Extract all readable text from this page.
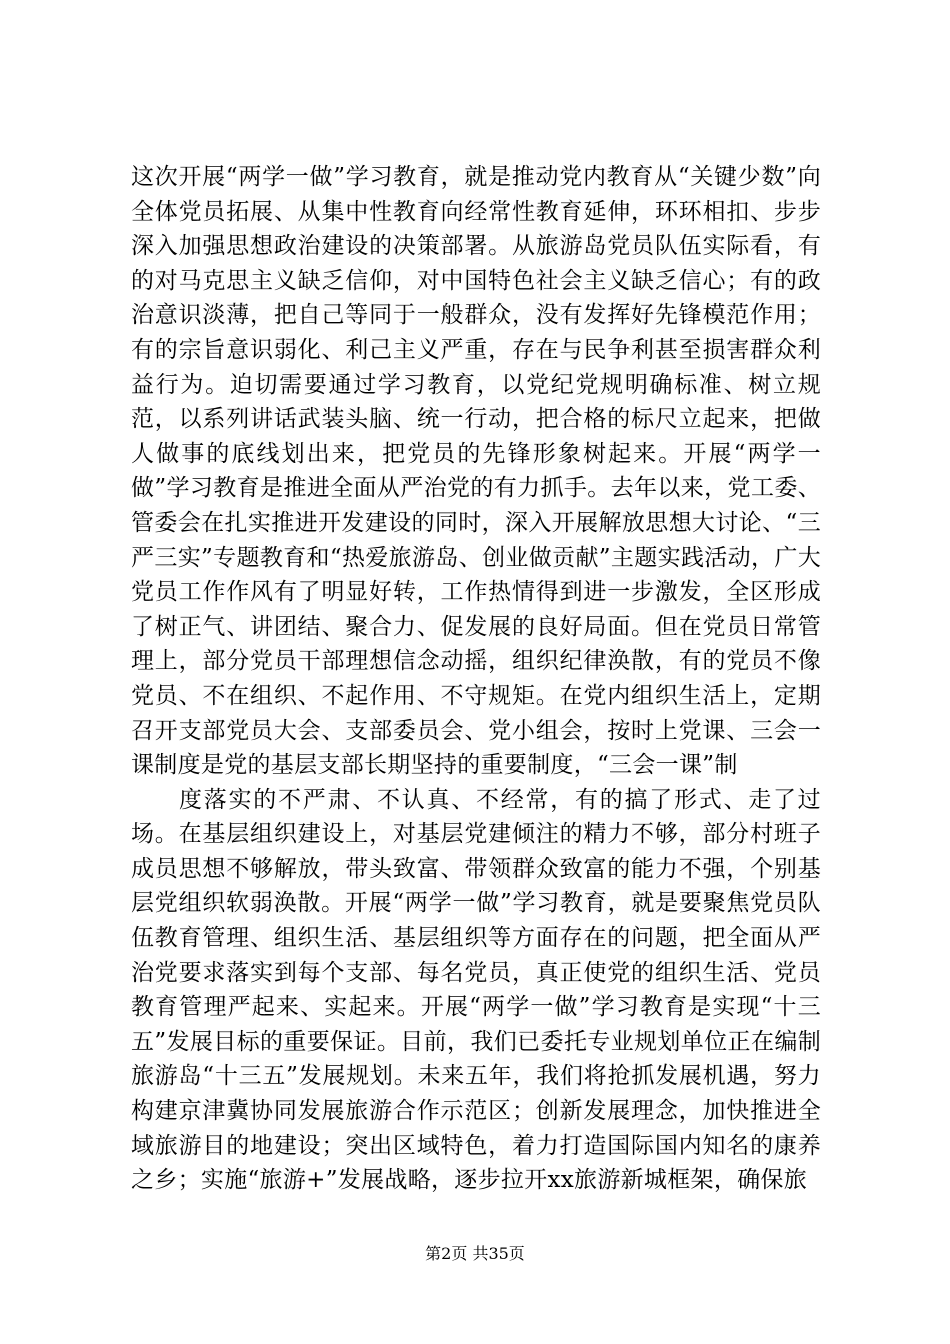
这次开展“两学一做”学习教育，就是推动党内教育从“关键少数”向全体党员拓展、从集中性教育向经常性教育延伸，环环相扣、步步深入加强思想政治建设的决策部署。从旅游岛党员队伍实际看，有的对马克思主义缺乏信仰，对中国特色社会主义缺乏信心；有的政治意识淡薄，把自己等同于一般群众，没有发挥好先锋模范作用；有的宗旨意识弱化、利己主义严重，存在与民争利甚至损害群众利益行为。迫切需要通过学习教育，以党纪党规明确标准、树立规范，以系列讲话武装头脑、统一行动，把合格的标尺立起来，把做人做事的底线划出来，把党员的先锋形象树起来。开展“两学一做”学习教育是推进全面从严治党的有力抓手。去年以来，党工委、管委会在扎实推进开发建设的同时，深入开展解放思想大讨论、“三严三实”专题教育和“热爱旅游岛、创业做贡献”主题实践活动，广大党员工作作风有了明显好转，工作热情得到进一步激发，全区形成了树正气、讲团结、聚合力、促发展的良好局面。但在党员日常管理上，部分党员干部理想信念动摇，组织纪律涣散，有的党员不像党员、不在组织、不起作用、不守规矩。在党内组织生活上，定期召开支部党员大会、支部委员会、党小组会，按时上党课、三会一课制度是党的基层支部长期坚持的重要制度，“三会一课”制

度落实的不严肃、不认真、不经常，有的搞了形式、走了过场。在基层组织建设上，对基层党建倾注的精力不够，部分村班子成员思想不够解放，带头致富、带领群众致富的能力不强，个别基层党组织软弱涣散。开展“两学一做”学习教育，就是要聚焦党员队伍教育管理、组织生活、基层组织等方面存在的问题，把全面从严治党要求落实到每个支部、每名党员，真正使党的组织生活、党员教育管理严起来、实起来。开展“两学一做”学习教育是实现“十三五”发展目标的重要保证。目前，我们已委托专业规划单位正在编制旅游岛“十三五”发展规划。未来五年，我们将抢抓发展机遇，努力构建京津冀协同发展旅游合作示范区；创新发展理念，加快推进全域旅游目的地建设；突出区域特色，着力打造国际国内知名的康养之乡；实施“旅游+”发展战略，逐步拉开xx旅游新城框架，确保旅

第2页 共35页
